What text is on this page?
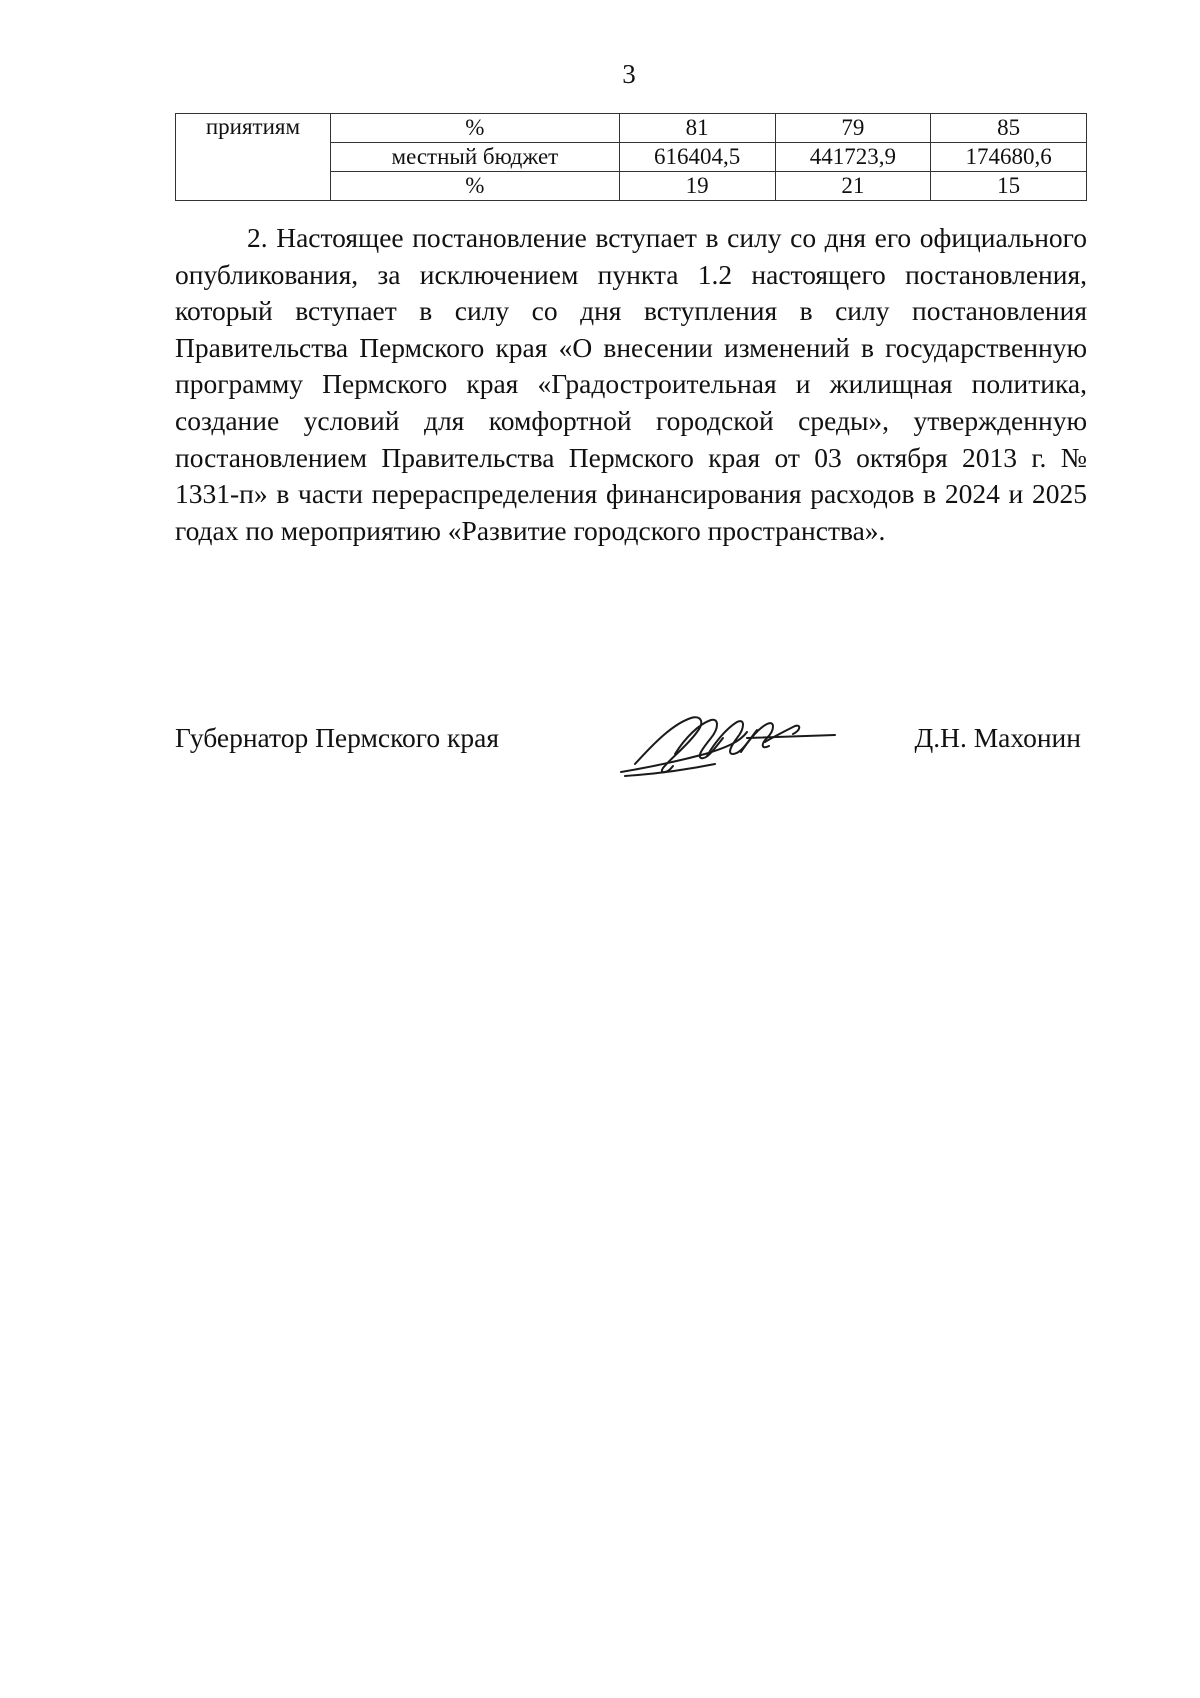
3
приятиям	%	81	79	85
	местный бюджет	616404,5	441723,9	174680,6
	%	19	21	15

2. Настоящее постановление вступает в силу со дня его официального опубликования, за исключением пункта 1.2 настоящего постановления, который вступает в силу со дня вступления в силу постановления Правительства Пермского края «О внесении изменений в государственную программу Пермского края «Градостроительная и жилищная политика, создание условий для комфортной городской среды», утвержденную постановлением Правительства Пермского края от 03 октября 2013 г. № 1331-п» в части перераспределения финансирования расходов в 2024 и 2025 годах по мероприятию «Развитие городского пространства».

Губернатор Пермского края	Д.Н. Махонин
